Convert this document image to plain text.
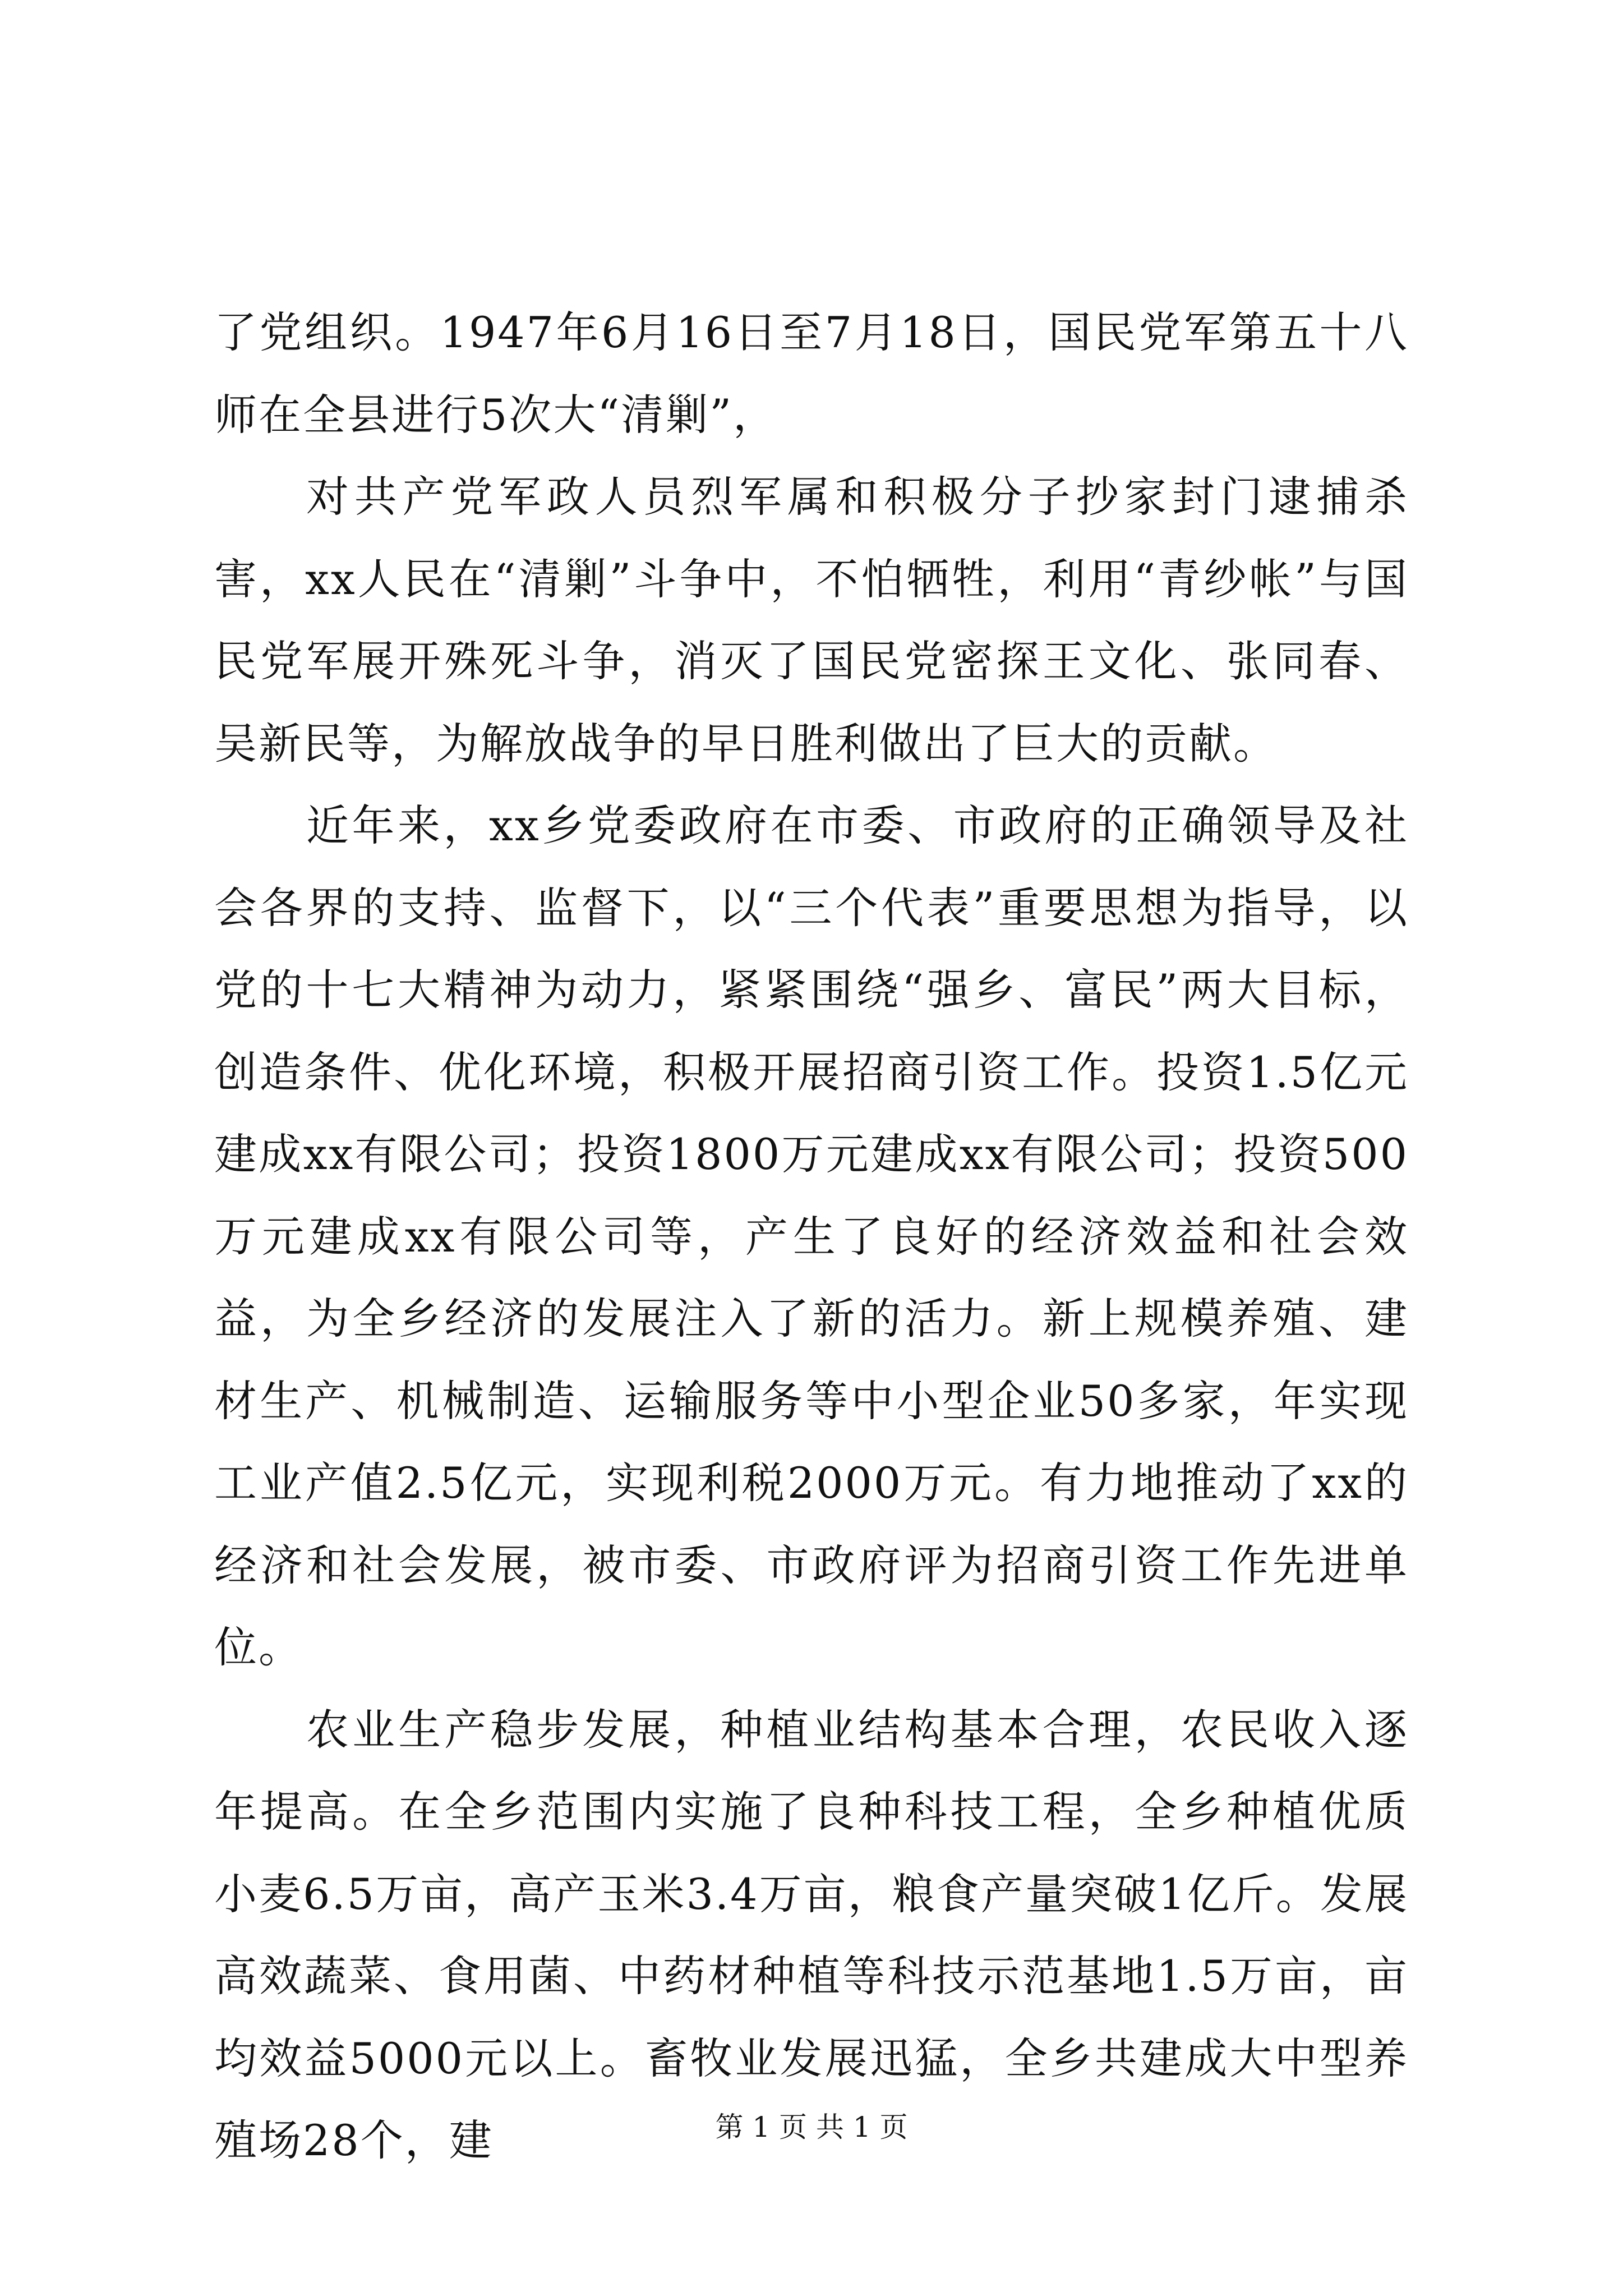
了党组织。1947年6月16日至7月18日，国民党军第五十八师在全县进行5次大“清剿”，

对共产党军政人员烈军属和积极分子抄家封门逮捕杀害，xx人民在“清剿”斗争中，不怕牺牲，利用“青纱帐”与国民党军展开殊死斗争，消灭了国民党密探王文化、张同春、吴新民等，为解放战争的早日胜利做出了巨大的贡献。

近年来，xx乡党委政府在市委、市政府的正确领导及社会各界的支持、监督下，以“三个代表”重要思想为指导，以党的十七大精神为动力，紧紧围绕“强乡、富民”两大目标，创造条件、优化环境，积极开展招商引资工作。投资1.5亿元建成xx有限公司；投资1800万元建成xx有限公司；投资500万元建成xx有限公司等，产生了良好的经济效益和社会效益，为全乡经济的发展注入了新的活力。新上规模养殖、建材生产、机械制造、运输服务等中小型企业50多家，年实现工业产值2.5亿元，实现利税2000万元。有力地推动了xx的经济和社会发展，被市委、市政府评为招商引资工作先进单位。

农业生产稳步发展，种植业结构基本合理，农民收入逐年提高。在全乡范围内实施了良种科技工程，全乡种植优质小麦6.5万亩，高产玉米3.4万亩，粮食产量突破1亿斤。发展高效蔬菜、食用菌、中药材种植等科技示范基地1.5万亩，亩均效益5000元以上。畜牧业发展迅猛，全乡共建成大中型养殖场28个，建	第 1 页 共 1 页
